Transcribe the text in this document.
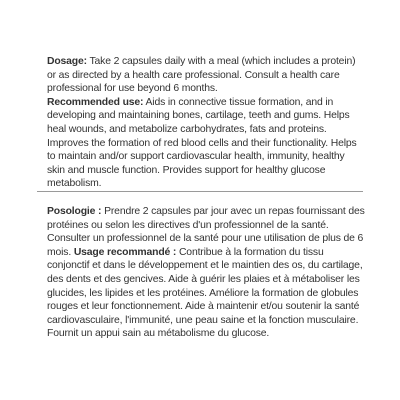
Dosage: Take 2 capsules daily with a meal (which includes a protein) or as directed by a health care professional. Consult a health care professional for use beyond 6 months.

Recommended use: Aids in connective tissue formation, and in developing and maintaining bones, cartilage, teeth and gums. Helps heal wounds, and metabolize carbohydrates, fats and proteins. Improves the formation of red blood cells and their functionality. Helps to maintain and/or support cardiovascular health, immunity, healthy skin and muscle function. Provides support for healthy glucose metabolism.

Posologie : Prendre 2 capsules par jour avec un repas fournissant des protéines ou selon les directives d'un professionnel de la santé. Consulter un professionnel de la santé pour une utilisation de plus de 6 mois. Usage recommandé : Contribue à la formation du tissu conjonctif et dans le développement et le maintien des os, du cartilage, des dents et des gencives. Aide à guérir les plaies et à métaboliser les glucides, les lipides et les protéines. Améliore la formation de globules rouges et leur fonctionnement. Aide à maintenir et/ou soutenir la santé cardiovasculaire, l'immunité, une peau saine et la fonction musculaire. Fournit un appui sain au métabolisme du glucose.
